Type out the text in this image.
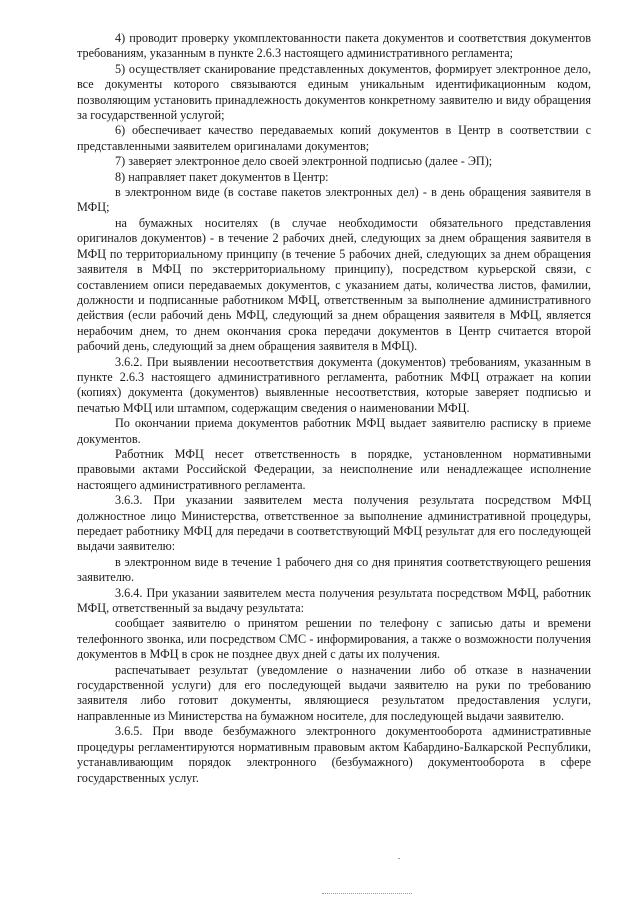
4) проводит проверку укомплектованности пакета документов и соответствия документов требованиям, указанным в пункте 2.6.3 настоящего административного регламента;

5) осуществляет сканирование представленных документов, формирует электронное дело, все документы которого связываются единым уникальным идентификационным кодом, позволяющим установить принадлежность документов конкретному заявителю и виду обращения за государственной услугой;

6) обеспечивает качество передаваемых копий документов в Центр в соответствии с представленными заявителем оригиналами документов;

7) заверяет электронное дело своей электронной подписью (далее - ЭП);

8) направляет пакет документов в Центр:

в электронном виде (в составе пакетов электронных дел) - в день обращения заявителя в МФЦ;

на бумажных носителях (в случае необходимости обязательного представления оригиналов документов) - в течение 2 рабочих дней, следующих за днем обращения заявителя в МФЦ по территориальному принципу (в течение 5 рабочих дней, следующих за днем обращения заявителя в МФЦ по экстерриториальному принципу), посредством курьерской связи, с составлением описи передаваемых документов, с указанием даты, количества листов, фамилии, должности и подписанные работником МФЦ, ответственным за выполнение административного действия (если рабочий день МФЦ, следующий за днем обращения заявителя в МФЦ, является нерабочим днем, то днем окончания срока передачи документов в Центр считается второй рабочий день, следующий за днем обращения заявителя в МФЦ).

3.6.2. При выявлении несоответствия документа (документов) требованиям, указанным в пункте 2.6.3 настоящего административного регламента, работник МФЦ отражает на копии (копиях) документа (документов) выявленные несоответствия, которые заверяет подписью и печатью МФЦ или штампом, содержащим сведения о наименовании МФЦ.

По окончании приема документов работник МФЦ выдает заявителю расписку в приеме документов.

Работник МФЦ несет ответственность в порядке, установленном нормативными правовыми актами Российской Федерации, за неисполнение или ненадлежащее исполнение настоящего административного регламента.

3.6.3. При указании заявителем места получения результата посредством МФЦ должностное лицо Министерства, ответственное за выполнение административной процедуры, передает работнику МФЦ для передачи в соответствующий МФЦ результат для его последующей выдачи заявителю:

в электронном виде в течение 1 рабочего дня со дня принятия соответствующего решения заявителю.

3.6.4. При указании заявителем места получения результата посредством МФЦ, работник МФЦ, ответственный за выдачу результата:

сообщает заявителю о принятом решении по телефону с записью даты и времени телефонного звонка, или посредством СМС - информирования, а также о возможности получения документов в МФЦ в срок не позднее двух дней с даты их получения.

распечатывает результат (уведомление о назначении либо об отказе в назначении государственной услуги) для его последующей выдачи заявителю на руки по требованию заявителя либо готовит документы, являющиеся результатом предоставления услуги, направленные из Министерства на бумажном носителе, для последующей выдачи заявителю.

3.6.5. При вводе безбумажного электронного документооборота административные процедуры регламентируются нормативным правовым актом Кабардино-Балкарской Республики, устанавливающим порядок электронного (безбумажного) документооборота в сфере государственных услуг.
